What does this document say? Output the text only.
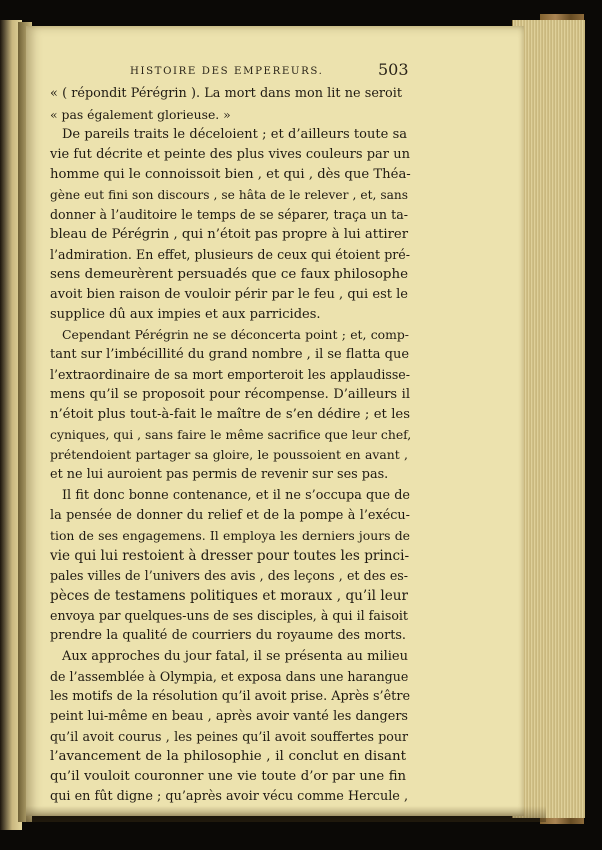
HISTOIRE DES EMPEREURS.	503
« ( répondit Pérégrin ). La mort dans mon lit ne seroit
« pas également glorieuse. »
De pareils traits le déceloient ; et d’ailleurs toute sa
vie fut décrite et peinte des plus vives couleurs par un
homme qui le connoissoit bien , et qui , dès que Théa-
gène eut fini son discours , se hâta de le relever , et, sans
donner à l’auditoire le temps de se séparer, traça un ta-
bleau de Pérégrin , qui n’étoit pas propre à lui attirer
l’admiration. En effet, plusieurs de ceux qui étoient pré-
sens demeurèrent persuadés que ce faux philosophe
avoit bien raison de vouloir périr par le feu , qui est le
supplice dû aux impies et aux parricides.
Cependant Pérégrin ne se déconcerta point ; et, comp-
tant sur l’imbécillité du grand nombre , il se flatta que
l’extraordinaire de sa mort emporteroit les applaudisse-
mens qu’il se proposoit pour récompense. D’ailleurs il
n’étoit plus tout-à-fait le maître de s’en dédire ; et les
cyniques, qui , sans faire le même sacrifice que leur chef,
prétendoient partager sa gloire, le poussoient en avant ,
et ne lui auroient pas permis de revenir sur ses pas.
Il fit donc bonne contenance, et il ne s’occupa que de
la pensée de donner du relief et de la pompe à l’exécu-
tion de ses engagemens. Il employa les derniers jours de
vie qui lui restoient à dresser pour toutes les princi-
pales villes de l’univers des avis , des leçons , et des es-
pèces de testamens politiques et moraux , qu’il leur
envoya par quelques-uns de ses disciples, à qui il faisoit
prendre la qualité de courriers du royaume des morts.
Aux approches du jour fatal, il se présenta au milieu
de l’assemblée à Olympia, et exposa dans une harangue
les motifs de la résolution qu’il avoit prise. Après s’être
peint lui-même en beau , après avoir vanté les dangers
qu’il avoit courus , les peines qu’il avoit souffertes pour
l’avancement de la philosophie , il conclut en disant
qu’il vouloit couronner une vie toute d’or par une fin
qui en fût digne ; qu’après avoir vécu comme Hercule ,
